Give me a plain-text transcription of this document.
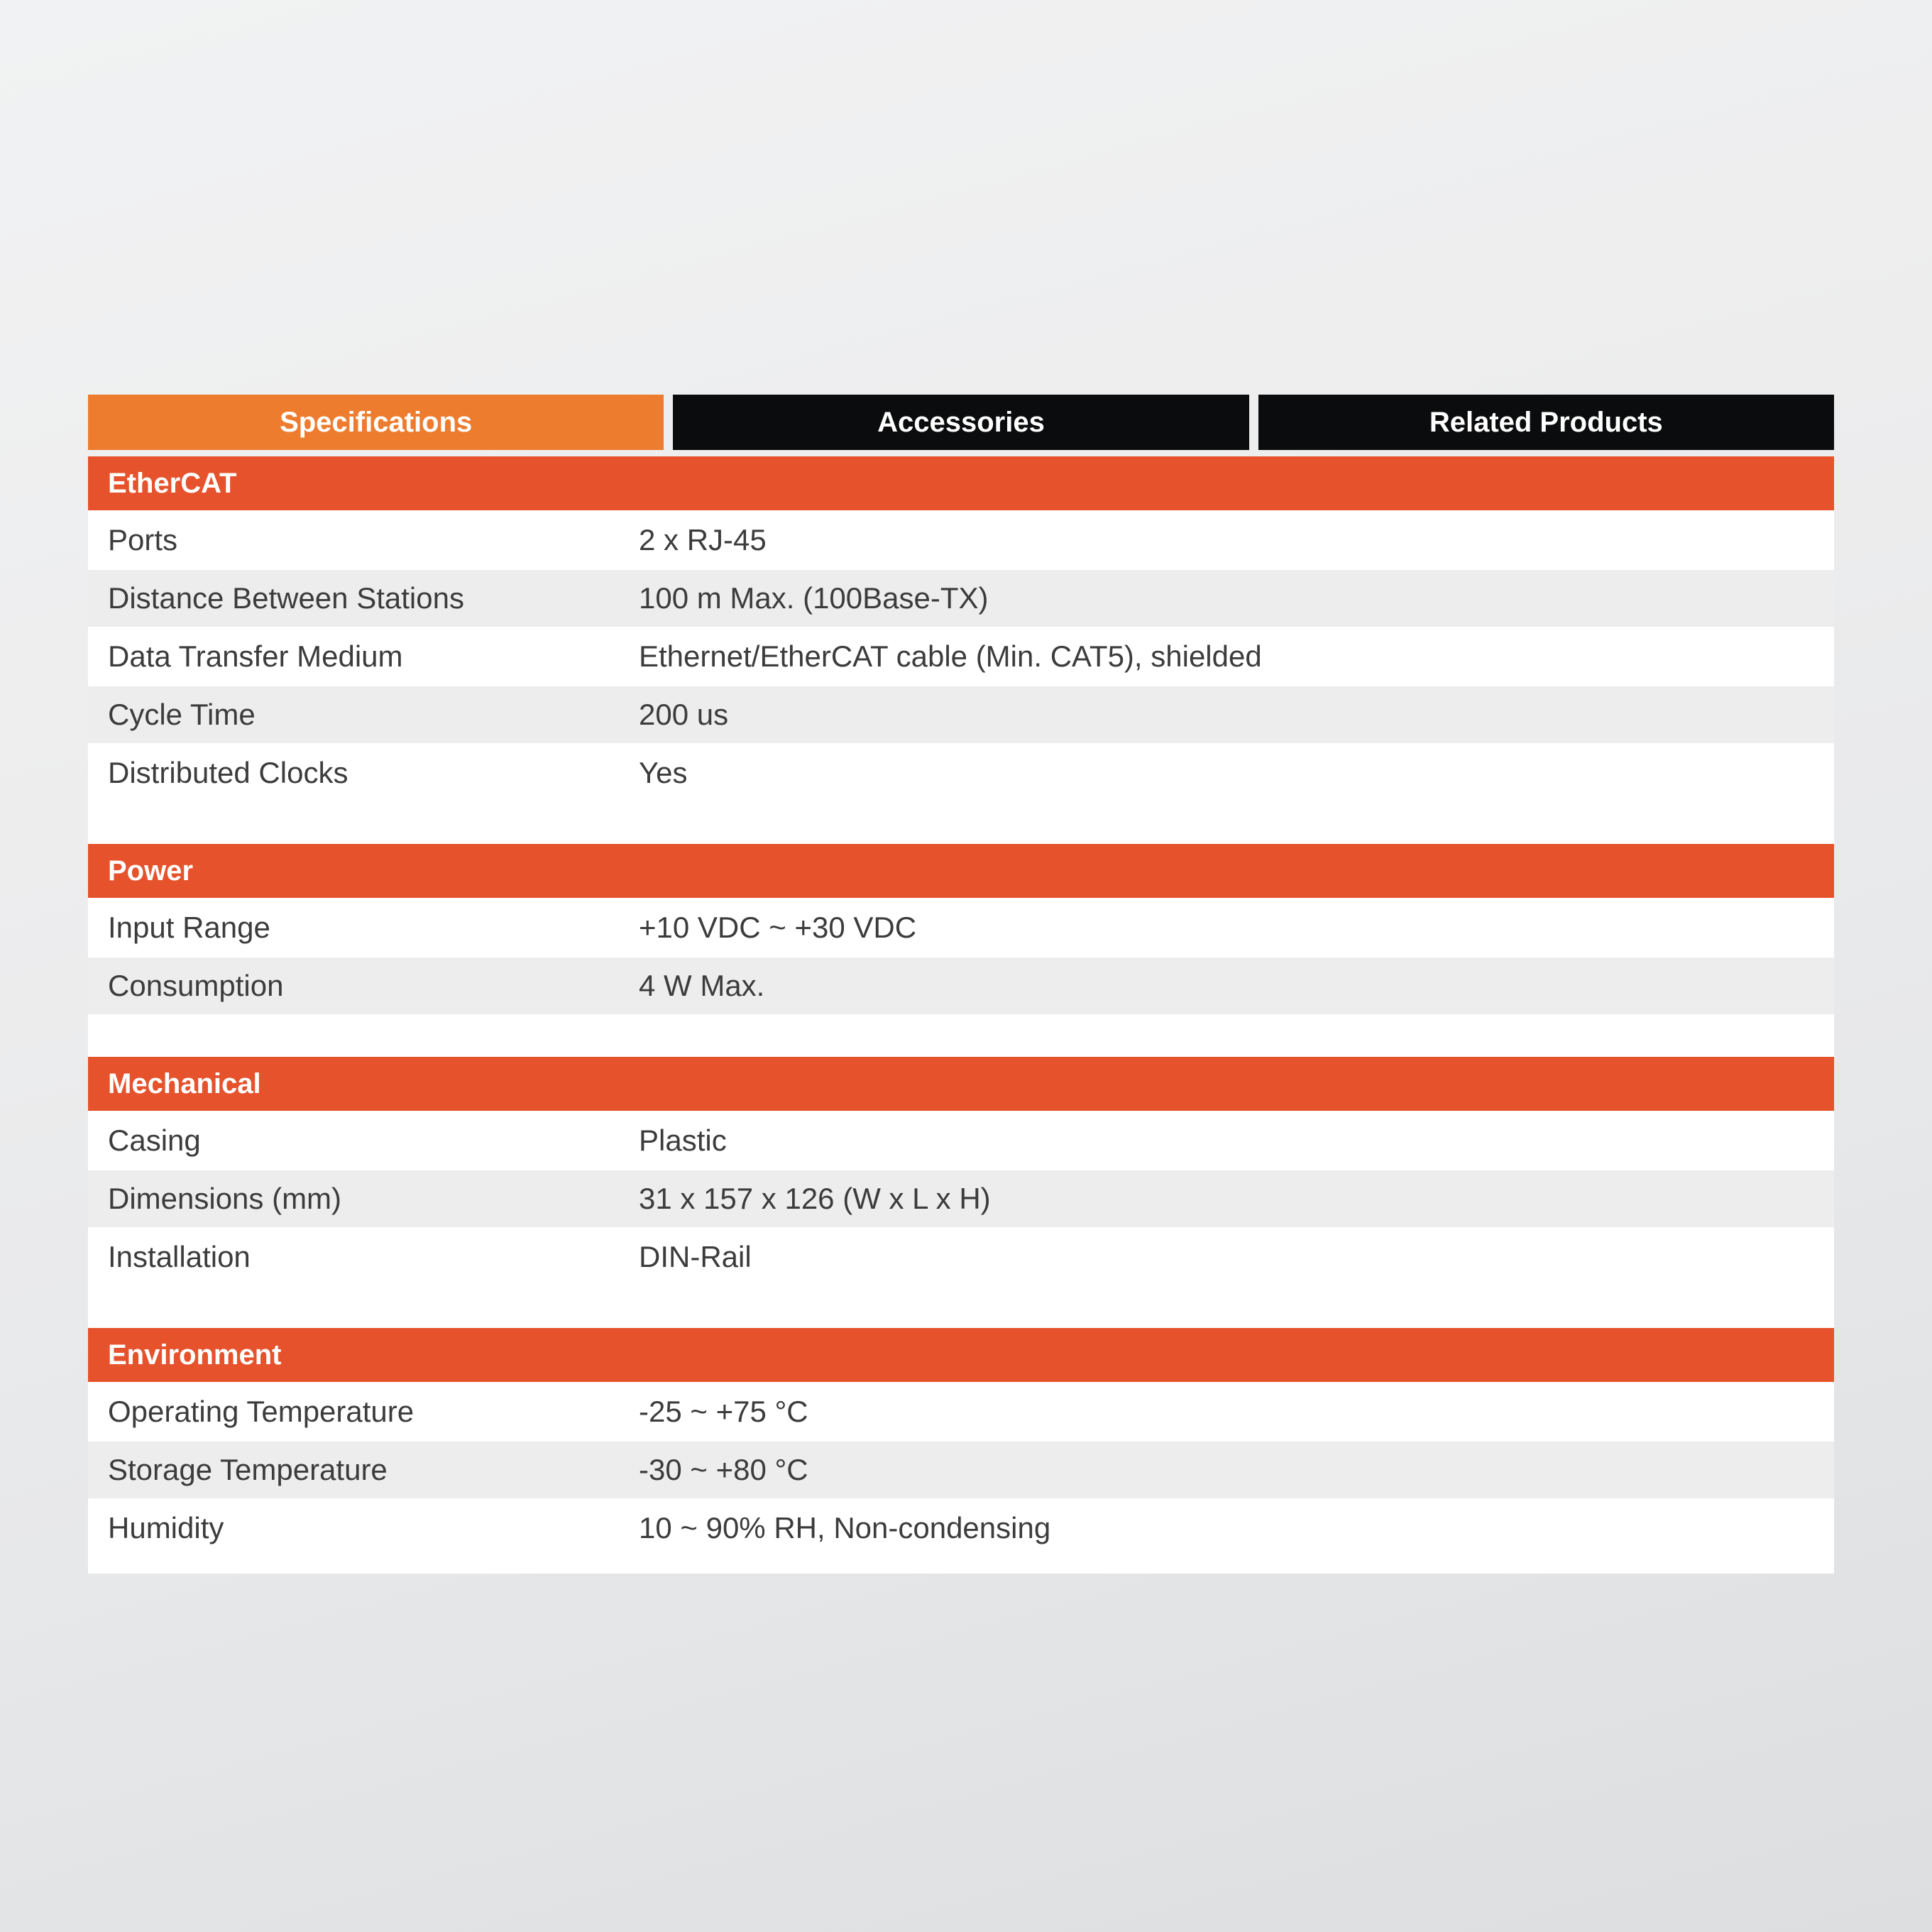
Specifications	Accessories	Related Products
EtherCAT
Ports	2 x RJ-45
Distance Between Stations	100 m Max. (100Base-TX)
Data Transfer Medium	Ethernet/EtherCAT cable (Min. CAT5), shielded
Cycle Time	200 us
Distributed Clocks	Yes
Power
Input Range	+10 VDC ~ +30 VDC
Consumption	4 W Max.
Mechanical
Casing	Plastic
Dimensions (mm)	31 x 157 x 126 (W x L x H)
Installation	DIN-Rail
Environment
Operating Temperature	-25 ~ +75 °C
Storage Temperature	-30 ~ +80 °C
Humidity	10 ~ 90% RH, Non-condensing
